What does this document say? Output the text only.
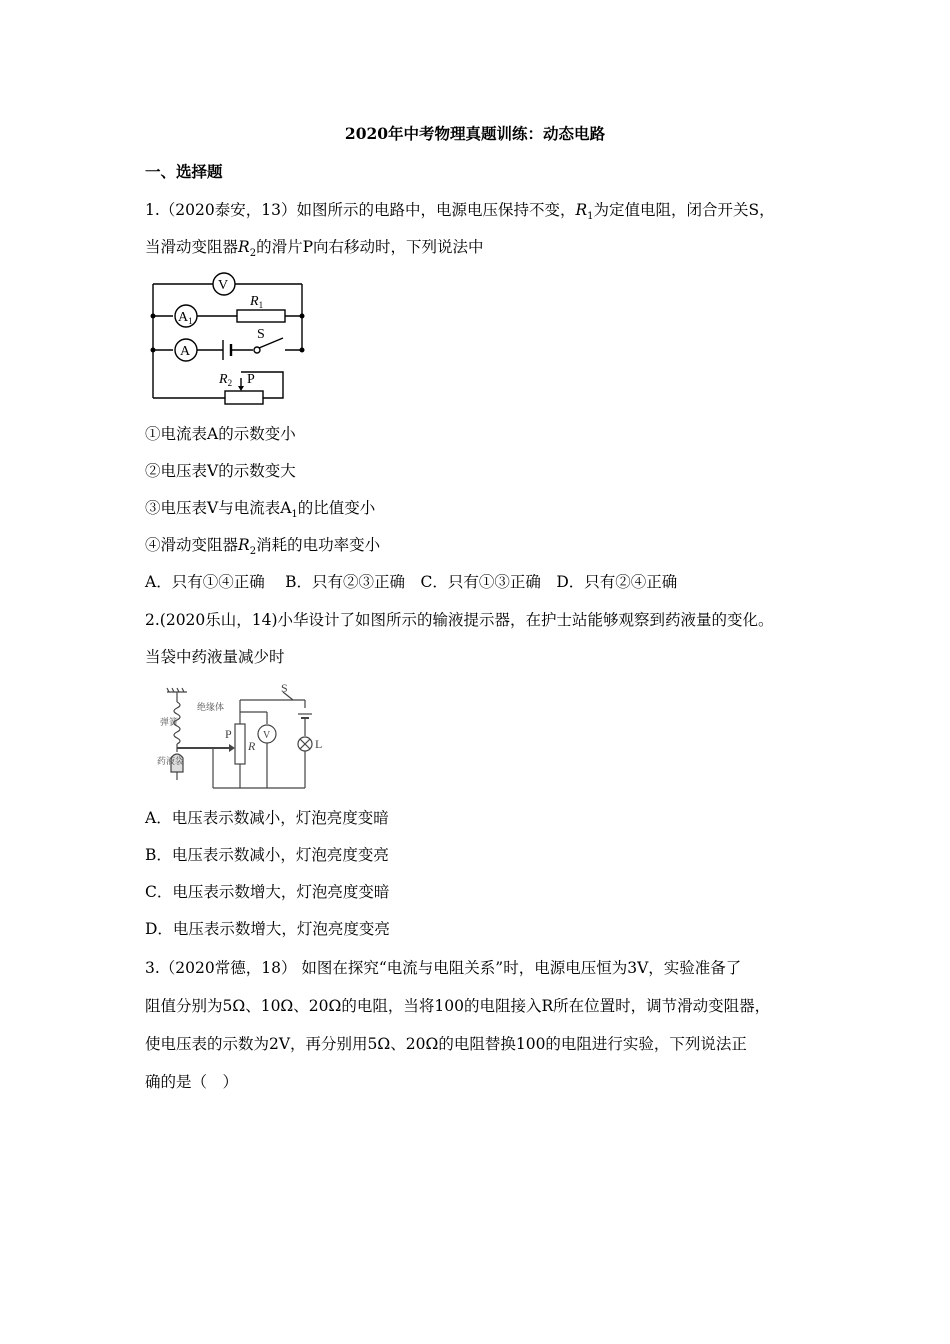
2020年中考物理真题训练：动态电路
一、选择题
1.（2020泰安，13）如图所示的电路中，电源电压保持不变，$R_1$为定值电阻，闭合开关S，
当滑动变阻器$R_2$的滑片P向右移动时，下列说法中
V
$A_1$
A
$R_1$
S
$R_2$ P
①电流表A的示数变小
②电压表V的示数变大
③电压表V与电流表$A_1$的比值变小
④滑动变阻器$R_2$消耗的电功率变小
A．只有①④正确　 B．只有②③正确　C．只有①③正确　D．只有②④正确
2.(2020乐山，14)小华设计了如图所示的输液提示器，在护士站能够观察到药液量的变化。
当袋中药液量减少时
弹簧
绝缘体
药液袋
S
P
R
V
L
A．电压表示数减小，灯泡亮度变暗
B．电压表示数减小，灯泡亮度变亮
C．电压表示数增大，灯泡亮度变暗
D．电压表示数增大，灯泡亮度变亮
3.（2020常德，18） 如图在探究“电流与电阻关系”时，电源电压恒为3V，实验准备了
阻值分别为5Ω、10Ω、20Ω的电阻，当将100的电阻接入R所在位置时，调节滑动变阻器，
使电压表的示数为2V，再分别用5Ω、20Ω的电阻替换100的电阻进行实验，下列说法正
确的是（　）
